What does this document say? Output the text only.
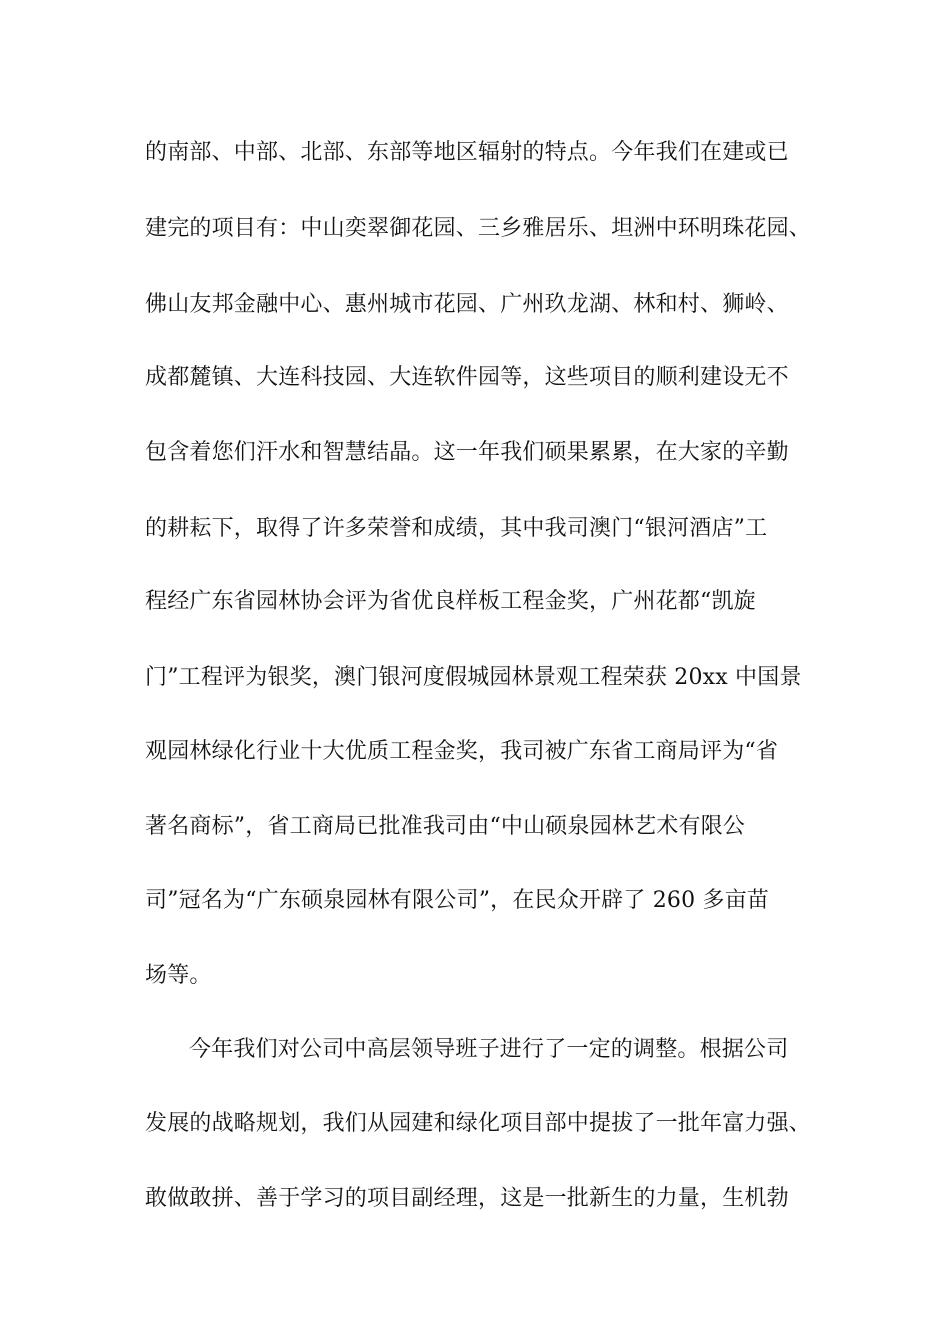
的南部、中部、北部、东部等地区辐射的特点。今年我们在建或已
建完的项目有：中山奕翠御花园、三乡雅居乐、坦洲中环明珠花园、
佛山友邦金融中心、惠州城市花园、广州玖龙湖、林和村、狮岭、
成都麓镇、大连科技园、大连软件园等，这些项目的顺利建设无不
包含着您们汗水和智慧结晶。这一年我们硕果累累，在大家的辛勤
的耕耘下，取得了许多荣誉和成绩，其中我司澳门“银河酒店”工
程经广东省园林协会评为省优良样板工程金奖，广州花都“凯旋
门”工程评为银奖，澳门银河度假城园林景观工程荣获 20xx 中国景
观园林绿化行业十大优质工程金奖，我司被广东省工商局评为“省
著名商标”，省工商局已批准我司由“中山硕泉园林艺术有限公
司”冠名为“广东硕泉园林有限公司”，在民众开辟了 260 多亩苗
场等。
今年我们对公司中高层领导班子进行了一定的调整。根据公司
发展的战略规划，我们从园建和绿化项目部中提拔了一批年富力强、
敢做敢拼、善于学习的项目副经理，这是一批新生的力量，生机勃
